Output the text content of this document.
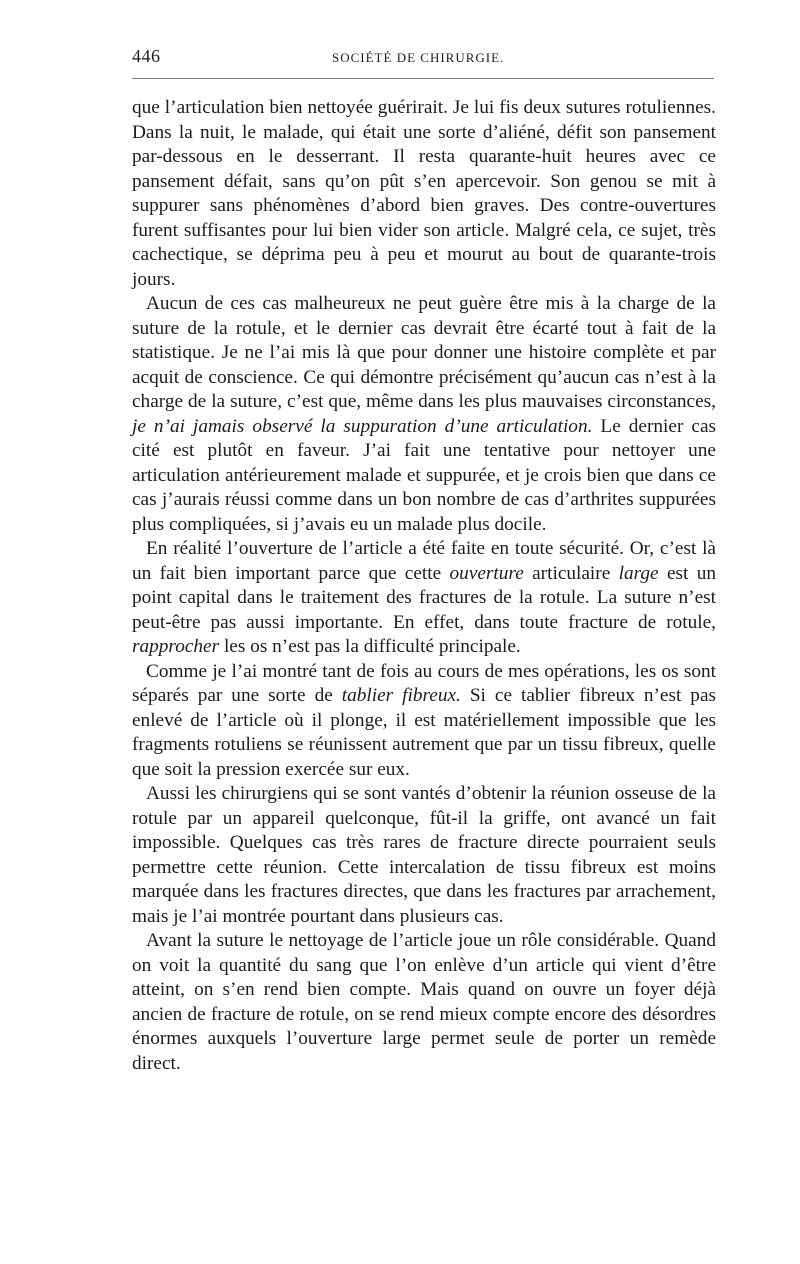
446	SOCIÉTÉ DE CHIRURGIE.

que l’articulation bien nettoyée guérirait. Je lui fis deux sutures rotuliennes. Dans la nuit, le malade, qui était une sorte d’aliéné, défit son pansement par-dessous en le desserrant. Il resta quarante-huit heures avec ce pansement défait, sans qu’on pût s’en apercevoir. Son genou se mit à suppurer sans phénomènes d’abord bien graves. Des contre-ouvertures furent suffisantes pour lui bien vider son article. Malgré cela, ce sujet, très cachectique, se déprima peu à peu et mourut au bout de quarante-trois jours.

Aucun de ces cas malheureux ne peut guère être mis à la charge de la suture de la rotule, et le dernier cas devrait être écarté tout à fait de la statistique. Je ne l’ai mis là que pour donner une histoire complète et par acquit de conscience. Ce qui démontre précisément qu’aucun cas n’est à la charge de la suture, c’est que, même dans les plus mauvaises circonstances, je n’ai jamais observé la suppuration d’une articulation. Le dernier cas cité est plutôt en faveur. J’ai fait une tentative pour nettoyer une articulation antérieurement malade et suppurée, et je crois bien que dans ce cas j’aurais réussi comme dans un bon nombre de cas d’arthrites suppurées plus compliquées, si j’avais eu un malade plus docile.

En réalité l’ouverture de l’article a été faite en toute sécurité. Or, c’est là un fait bien important parce que cette ouverture articulaire large est un point capital dans le traitement des fractures de la rotule. La suture n’est peut-être pas aussi importante. En effet, dans toute fracture de rotule, rapprocher les os n’est pas la difficulté principale.

Comme je l’ai montré tant de fois au cours de mes opérations, les os sont séparés par une sorte de tablier fibreux. Si ce tablier fibreux n’est pas enlevé de l’article où il plonge, il est matériellement impossible que les fragments rotuliens se réunissent autrement que par un tissu fibreux, quelle que soit la pression exercée sur eux.

Aussi les chirurgiens qui se sont vantés d’obtenir la réunion osseuse de la rotule par un appareil quelconque, fût-il la griffe, ont avancé un fait impossible. Quelques cas très rares de fracture directe pourraient seuls permettre cette réunion. Cette intercalation de tissu fibreux est moins marquée dans les fractures directes, que dans les fractures par arrachement, mais je l’ai montrée pourtant dans plusieurs cas.

Avant la suture le nettoyage de l’article joue un rôle considérable. Quand on voit la quantité du sang que l’on enlève d’un article qui vient d’être atteint, on s’en rend bien compte. Mais quand on ouvre un foyer déjà ancien de fracture de rotule, on se rend mieux compte encore des désordres énormes auxquels l’ouverture large permet seule de porter un remède direct.
